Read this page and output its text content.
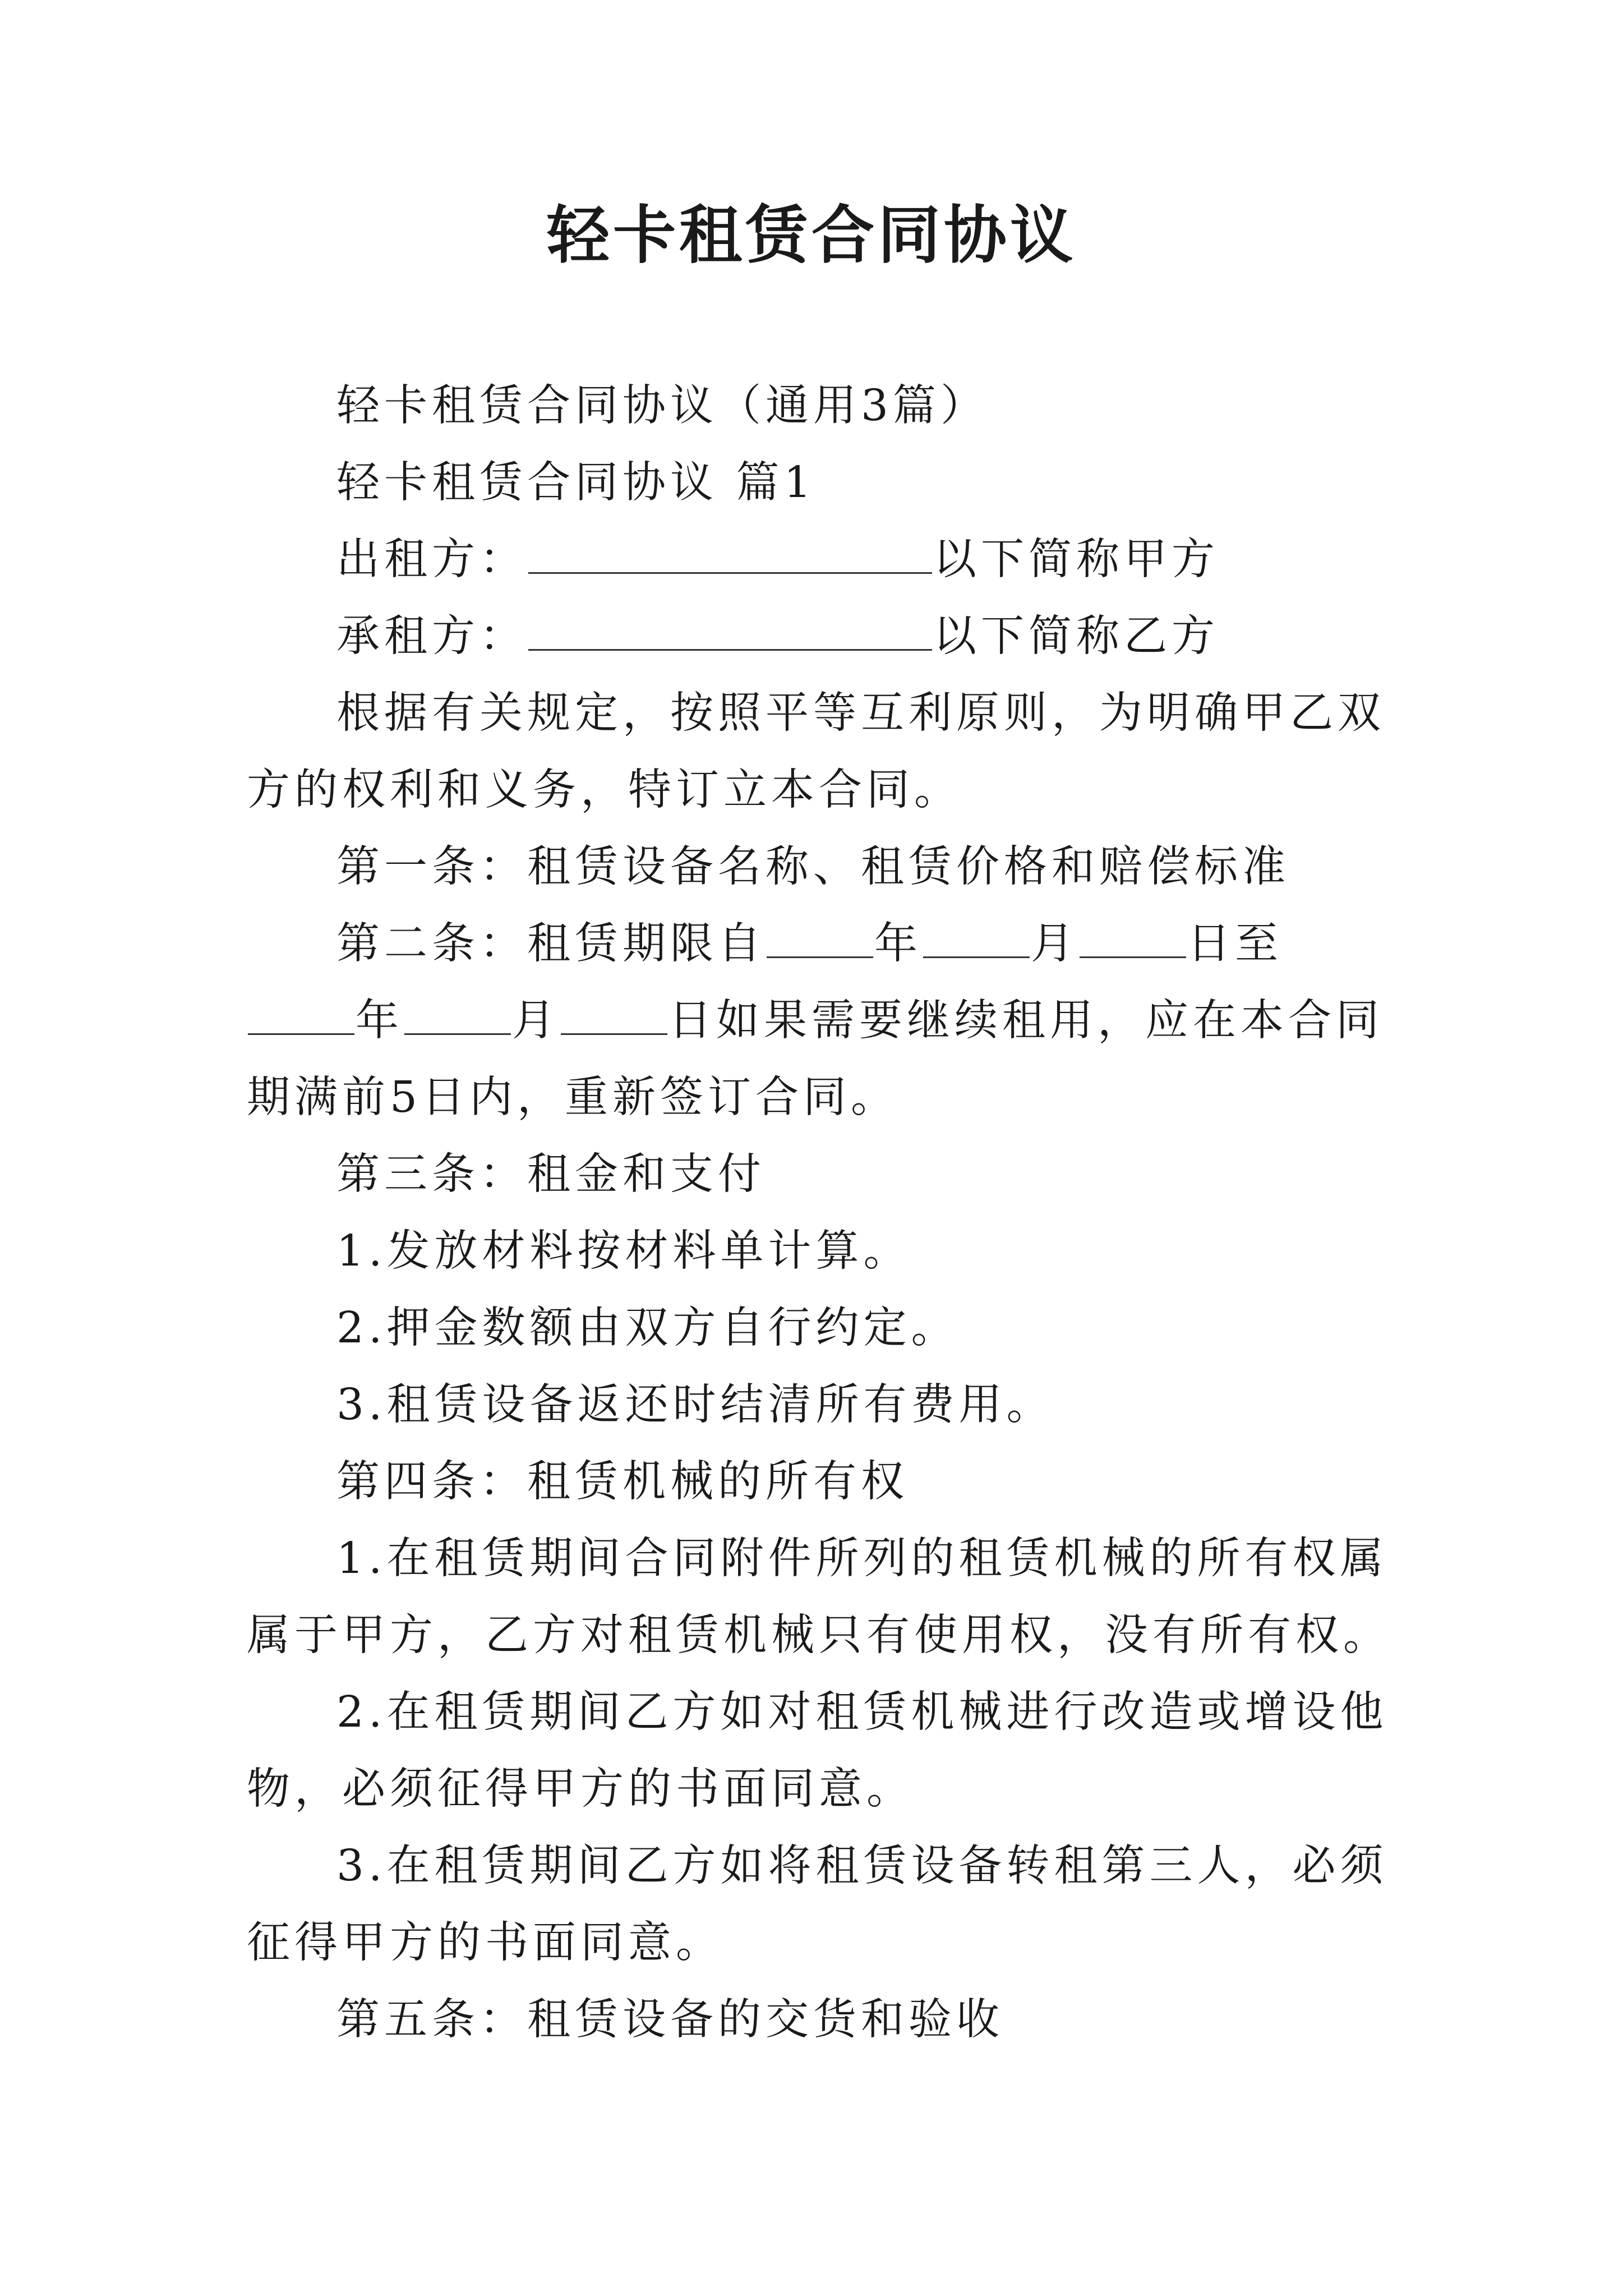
轻卡租赁合同协议

轻卡租赁合同协议（通用3篇）

轻卡租赁合同协议 篇1

出租方：	以下简称甲方

承租方：	以下简称乙方

根据有关规定，按照平等互利原则，为明确甲乙双方的权利和义务，特订立本合同。

第一条：租赁设备名称、租赁价格和赔偿标准

第二条：租赁期限自	年	月	日至年	月	日如果需要继续租用，应在本合同期满前5日内，重新签订合同。

第三条：租金和支付

1.发放材料按材料单计算。

2.押金数额由双方自行约定。

3.租赁设备返还时结清所有费用。

第四条：租赁机械的所有权

1.在租赁期间合同附件所列的租赁机械的所有权属属于甲方，乙方对租赁机械只有使用权，没有所有权。

2.在租赁期间乙方如对租赁机械进行改造或增设他物，必须征得甲方的书面同意。

3.在租赁期间乙方如将租赁设备转租第三人，必须征得甲方的书面同意。

第五条：租赁设备的交货和验收
